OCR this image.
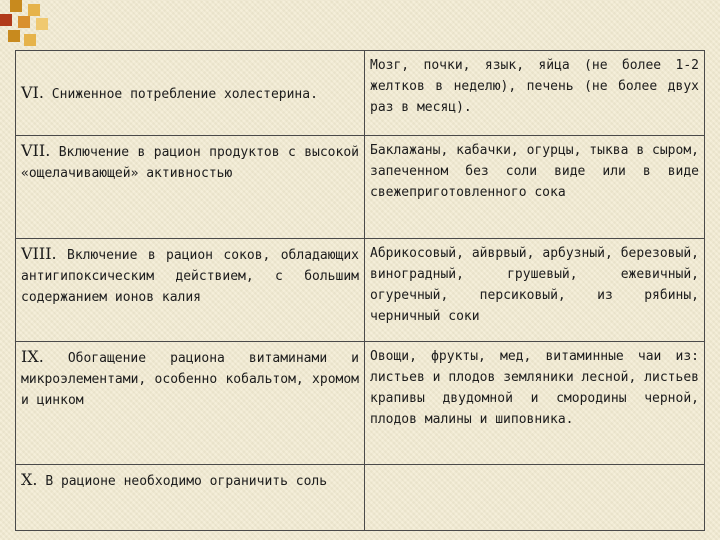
VI. Сниженное потребление холестерина.	Мозг, почки, язык, яйца (не более 1-2 желтков в неделю), печень (не более двух раз в месяц).
VII. Включение в рацион продуктов с высокой «ощелачивающей» активностью	Баклажаны, кабачки, огурцы, тыква в сыром, запеченном без соли виде или в виде свежеприготовленного сока
VIII. Включение в рацион соков, обладающих антигипоксическим действием, с большим содержанием ионов калия	Абрикосовый, айврвый, арбузный, березовый, виноградный, грушевый, ежевичный, огуречный, персиковый, из рябины, черничный соки
IX. Обогащение рациона витаминами и микроэлементами, особенно кобальтом, хромом и цинком	Овощи, фрукты, мед, витаминные чаи из: листьев и плодов земляники лесной, листьев крапивы двудомной и смородины черной, плодов малины и шиповника.
X. В рационе необходимо ограничить соль	
